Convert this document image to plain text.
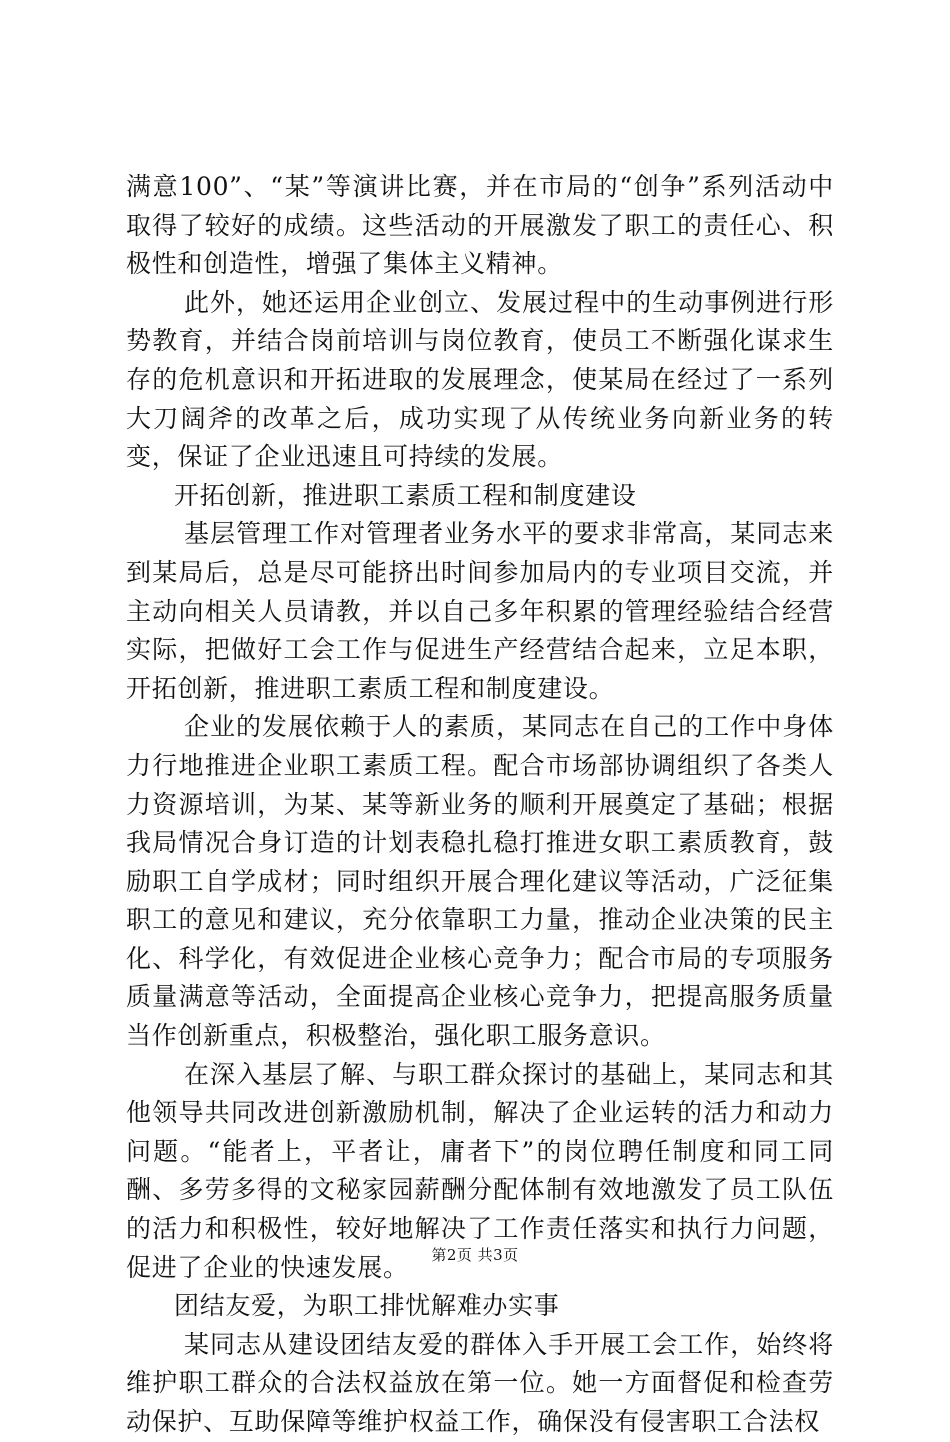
满意100”、“某”等演讲比赛，并在市局的“创争”系列活动中取得了较好的成绩。这些活动的开展激发了职工的责任心、积极性和创造性，增强了集体主义精神。

此外，她还运用企业创立、发展过程中的生动事例进行形势教育，并结合岗前培训与岗位教育，使员工不断强化谋求生存的危机意识和开拓进取的发展理念，使某局在经过了一系列大刀阔斧的改革之后，成功实现了从传统业务向新业务的转变，保证了企业迅速且可持续的发展。

开拓创新，推进职工素质工程和制度建设

基层管理工作对管理者业务水平的要求非常高，某同志来到某局后，总是尽可能挤出时间参加局内的专业项目交流，并主动向相关人员请教，并以自己多年积累的管理经验结合经营实际，把做好工会工作与促进生产经营结合起来，立足本职，开拓创新，推进职工素质工程和制度建设。

企业的发展依赖于人的素质，某同志在自己的工作中身体力行地推进企业职工素质工程。配合市场部协调组织了各类人力资源培训，为某、某等新业务的顺利开展奠定了基础；根据我局情况合身订造的计划表稳扎稳打推进女职工素质教育，鼓励职工自学成材；同时组织开展合理化建议等活动，广泛征集职工的意见和建议，充分依靠职工力量，推动企业决策的民主化、科学化，有效促进企业核心竞争力；配合市局的专项服务质量满意等活动，全面提高企业核心竞争力，把提高服务质量当作创新重点，积极整治，强化职工服务意识。

在深入基层了解、与职工群众探讨的基础上，某同志和其他领导共同改进创新激励机制，解决了企业运转的活力和动力问题。“能者上，平者让，庸者下”的岗位聘任制度和同工同酬、多劳多得的文秘家园薪酬分配体制有效地激发了员工队伍的活力和积极性，较好地解决了工作责任落实和执行力问题，促进了企业的快速发展。

团结友爱，为职工排忧解难办实事

某同志从建设团结友爱的群体入手开展工会工作，始终将维护职工群众的合法权益放在第一位。她一方面督促和检查劳动保护、互助保障等维护权益工作，确保没有侵害职工合法权

第2页 共3页
